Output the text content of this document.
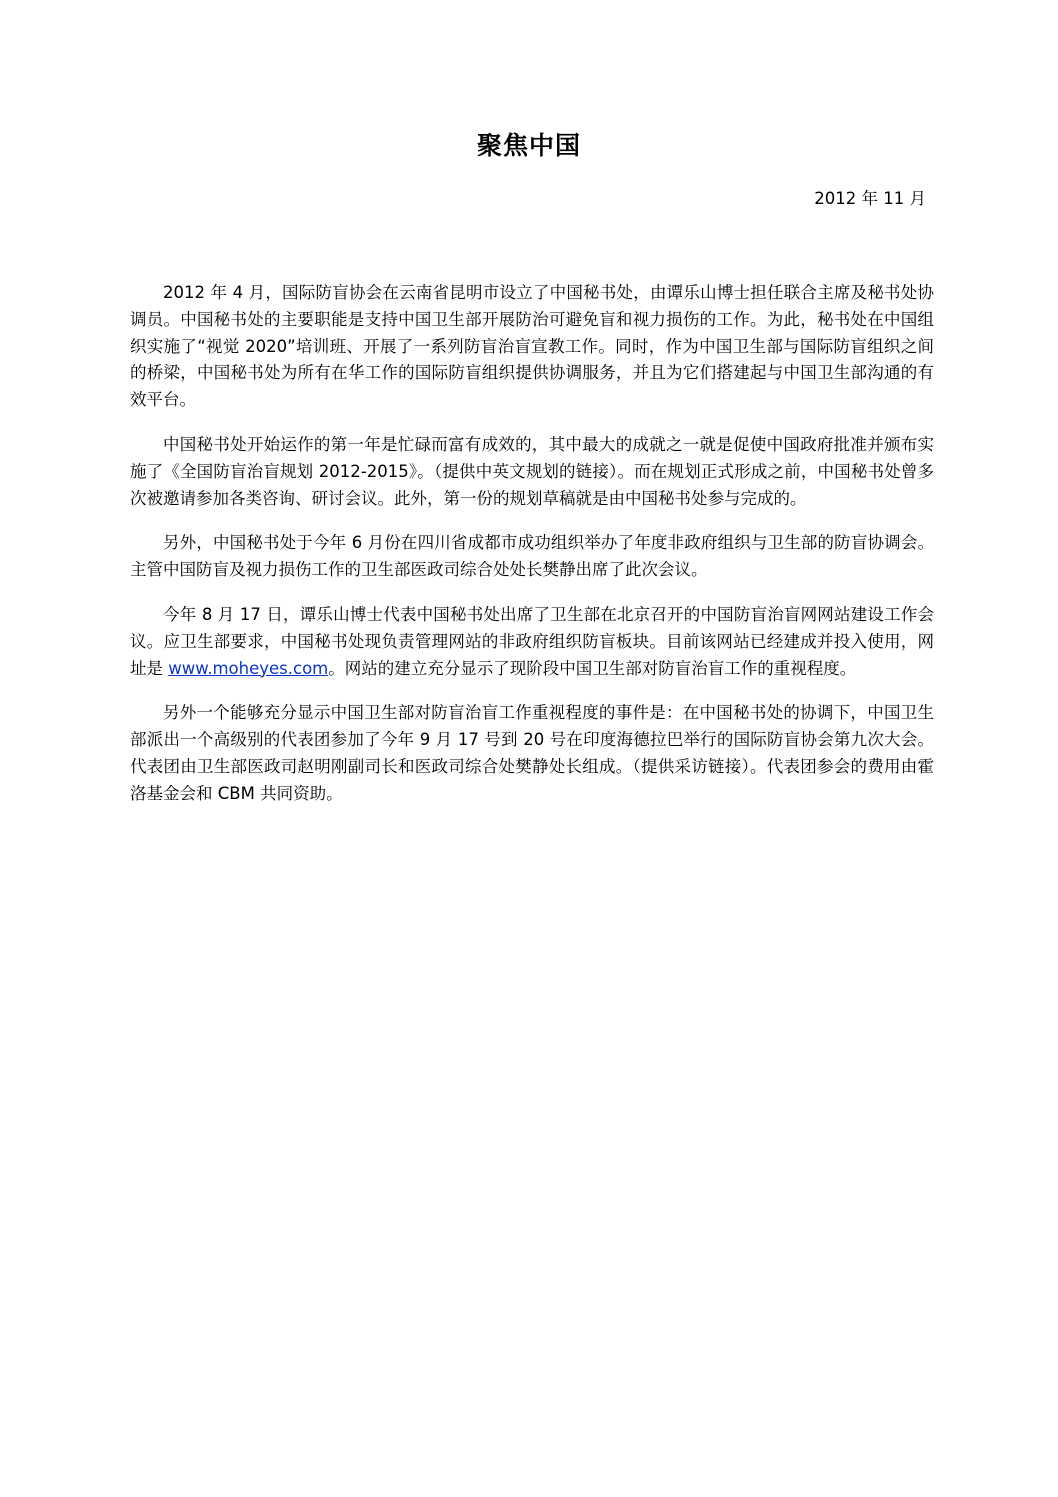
聚焦中国
2012 年 11 月

2012 年 4 月，国际防盲协会在云南省昆明市设立了中国秘书处，由谭乐山博士担任联合主席及秘书处协调员。中国秘书处的主要职能是支持中国卫生部开展防治可避免盲和视力损伤的工作。为此，秘书处在中国组织实施了“视觉 2020”培训班、开展了一系列防盲治盲宣教工作。同时，作为中国卫生部与国际防盲组织之间的桥梁，中国秘书处为所有在华工作的国际防盲组织提供协调服务，并且为它们搭建起与中国卫生部沟通的有效平台。

中国秘书处开始运作的第一年是忙碌而富有成效的，其中最大的成就之一就是促使中国政府批准并颁布实施了《全国防盲治盲规划 2012-2015》。（提供中英文规划的链接）。而在规划正式形成之前，中国秘书处曾多次被邀请参加各类咨询、研讨会议。此外，第一份的规划草稿就是由中国秘书处参与完成的。

另外，中国秘书处于今年 6 月份在四川省成都市成功组织举办了年度非政府组织与卫生部的防盲协调会。主管中国防盲及视力损伤工作的卫生部医政司综合处处长樊静出席了此次会议。

今年 8 月 17 日，谭乐山博士代表中国秘书处出席了卫生部在北京召开的中国防盲治盲网网站建设工作会议。应卫生部要求，中国秘书处现负责管理网站的非政府组织防盲板块。目前该网站已经建成并投入使用，网址是 www.moheyes.com。网站的建立充分显示了现阶段中国卫生部对防盲治盲工作的重视程度。

另外一个能够充分显示中国卫生部对防盲治盲工作重视程度的事件是：在中国秘书处的协调下，中国卫生部派出一个高级别的代表团参加了今年 9 月 17 号到 20 号在印度海德拉巴举行的国际防盲协会第九次大会。代表团由卫生部医政司赵明刚副司长和医政司综合处樊静处长组成。（提供采访链接）。代表团参会的费用由霍洛基金会和 CBM 共同资助。
